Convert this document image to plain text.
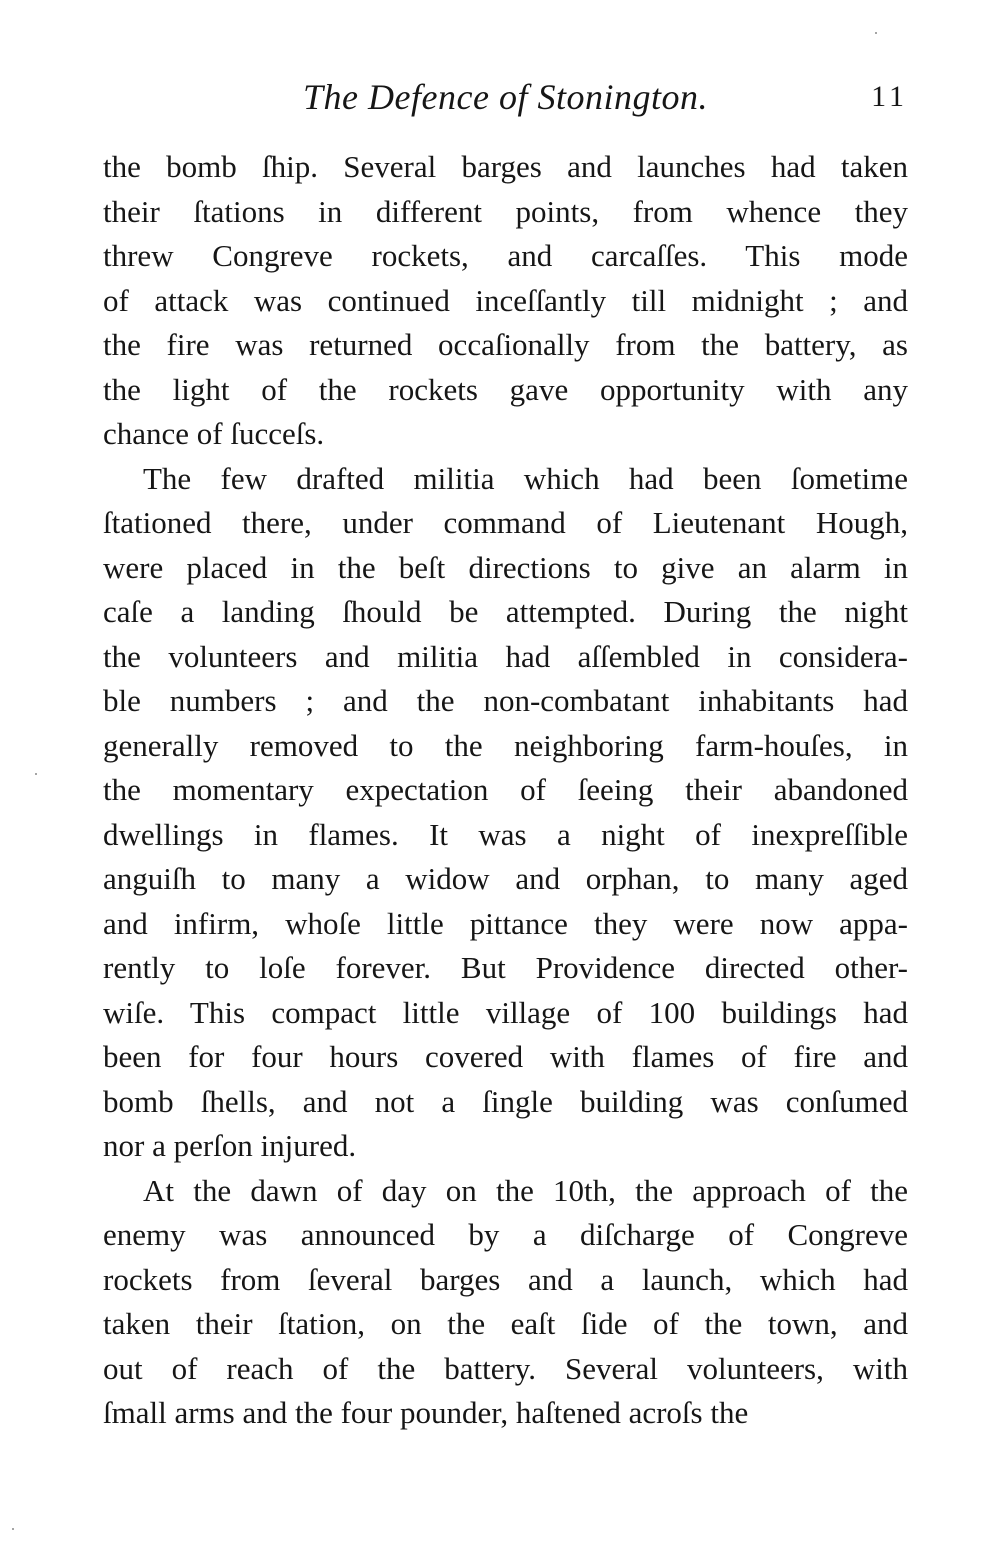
The Defence of Stonington.	11
the bomb ſhip. Several barges and launches had taken
their ſtations in different points, from whence they
threw Congreve rockets, and carcaſſes. This mode
of attack was continued inceſſantly till midnight ; and
the fire was returned occaſionally from the battery, as
the light of the rockets gave opportunity with any
chance of ſucceſs.
The few drafted militia which had been ſometime
ſtationed there, under command of Lieutenant Hough,
were placed in the beſt directions to give an alarm in
caſe a landing ſhould be attempted. During the night
the volunteers and militia had aſſembled in considera-
ble numbers ; and the non-combatant inhabitants had
generally removed to the neighboring farm-houſes, in
the momentary expectation of ſeeing their abandoned
dwellings in flames. It was a night of inexpreſſible
anguiſh to many a widow and orphan, to many aged
and infirm, whoſe little pittance they were now appa-
rently to loſe forever. But Providence directed other-
wiſe. This compact little village of 100 buildings had
been for four hours covered with flames of fire and
bomb ſhells, and not a ſingle building was conſumed
nor a perſon injured.
At the dawn of day on the 10th, the approach of the
enemy was announced by a diſcharge of Congreve
rockets from ſeveral barges and a launch, which had
taken their ſtation, on the eaſt ſide of the town, and
out of reach of the battery. Several volunteers, with
ſmall arms and the four pounder, haſtened acroſs the
